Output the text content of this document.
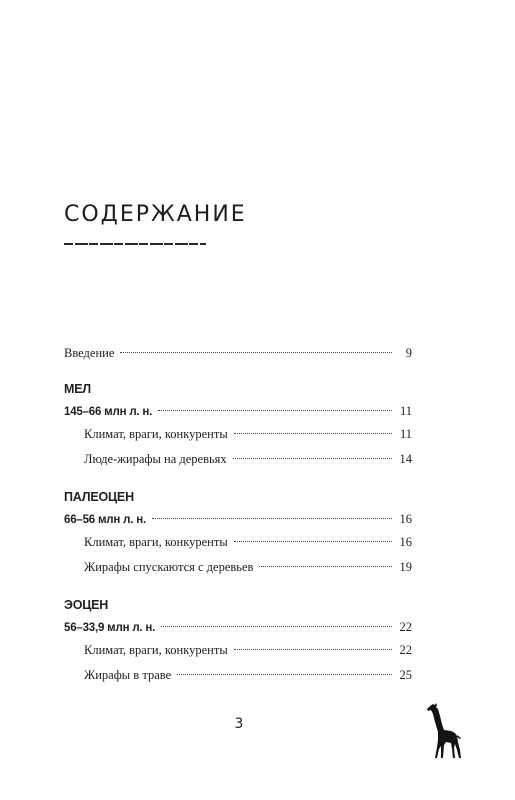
СОДЕРЖАНИЕ
Введение	9
МЕЛ
145–66 млн л. н.	11
Климат, враги, конкуренты	11
Люде-жирафы на деревьях	14
ПАЛЕОЦЕН
66–56 млн л. н.	16
Климат, враги, конкуренты	16
Жирафы спускаются с деревьев	19
ЭОЦЕН
56–33,9 млн л. н.	22
Климат, враги, конкуренты	22
Жирафы в траве	25
3
